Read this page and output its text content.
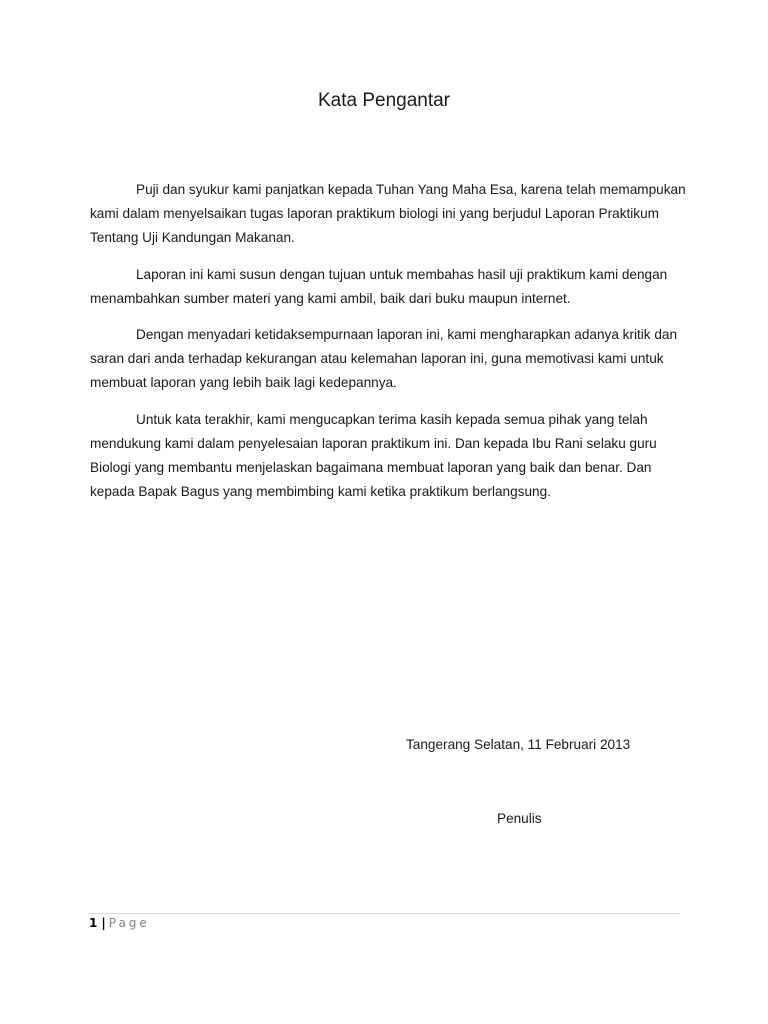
Kata Pengantar

Puji dan syukur kami panjatkan kepada Tuhan Yang Maha Esa, karena telah memampukan kami dalam menyelsaikan tugas laporan praktikum biologi ini yang berjudul Laporan Praktikum Tentang Uji Kandungan Makanan.

Laporan ini kami susun dengan tujuan untuk membahas hasil uji praktikum kami dengan menambahkan sumber materi yang kami ambil, baik dari buku maupun internet.

Dengan menyadari ketidaksempurnaan laporan ini, kami mengharapkan adanya kritik dan saran dari anda terhadap kekurangan atau kelemahan laporan ini, guna memotivasi kami untuk membuat laporan yang lebih baik lagi kedepannya.

Untuk kata terakhir, kami mengucapkan terima kasih kepada semua pihak yang telah mendukung kami dalam penyelesaian laporan praktikum ini. Dan kepada Ibu Rani selaku guru Biologi yang membantu menjelaskan bagaimana membuat laporan yang baik dan benar. Dan kepada Bapak Bagus yang membimbing kami ketika praktikum berlangsung.

Tangerang Selatan, 11 Februari 2013
Penulis
1 | Page
